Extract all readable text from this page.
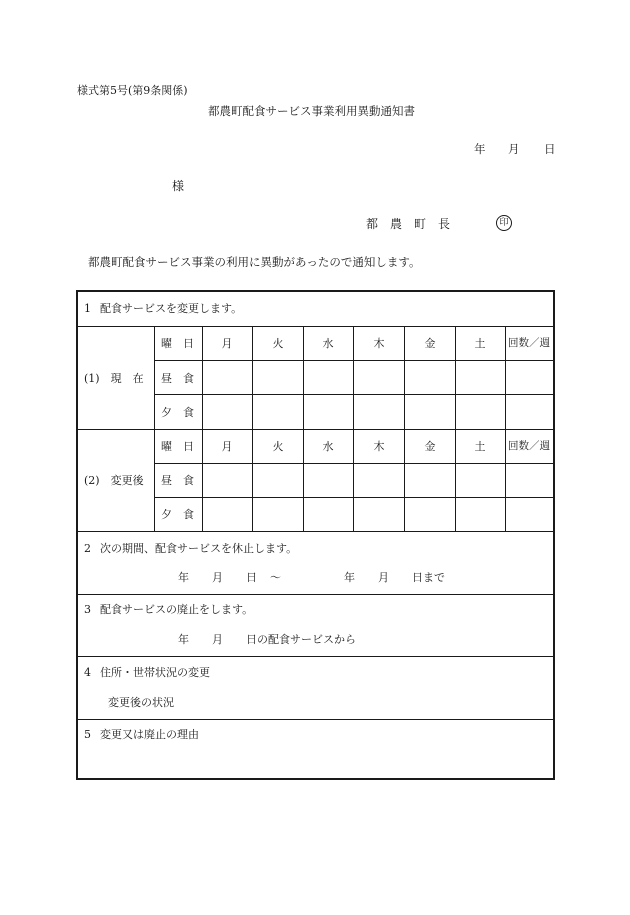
様式第5号(第9条関係)
都農町配食サービス事業利用異動通知書
年 月 日
様
都 農 町 長	印
都農町配食サービス事業の利用に異動があったので通知します。
1 配食サービスを変更します。
曜　日	月	火	水	木	金	土 回数／週
(1)　現　在 昼　食
夕　食
曜　日	月	火	水	木	金	土 回数／週
(2)　変更後 昼　食
夕　食
2 次の期間、配食サービスを休止します。
年 月 日 ～	年 月 日まで
3 配食サービスの廃止をします。
年 月 日の配食サービスから
4 住所・世帯状況の変更
変更後の状況
5 変更又は廃止の理由
